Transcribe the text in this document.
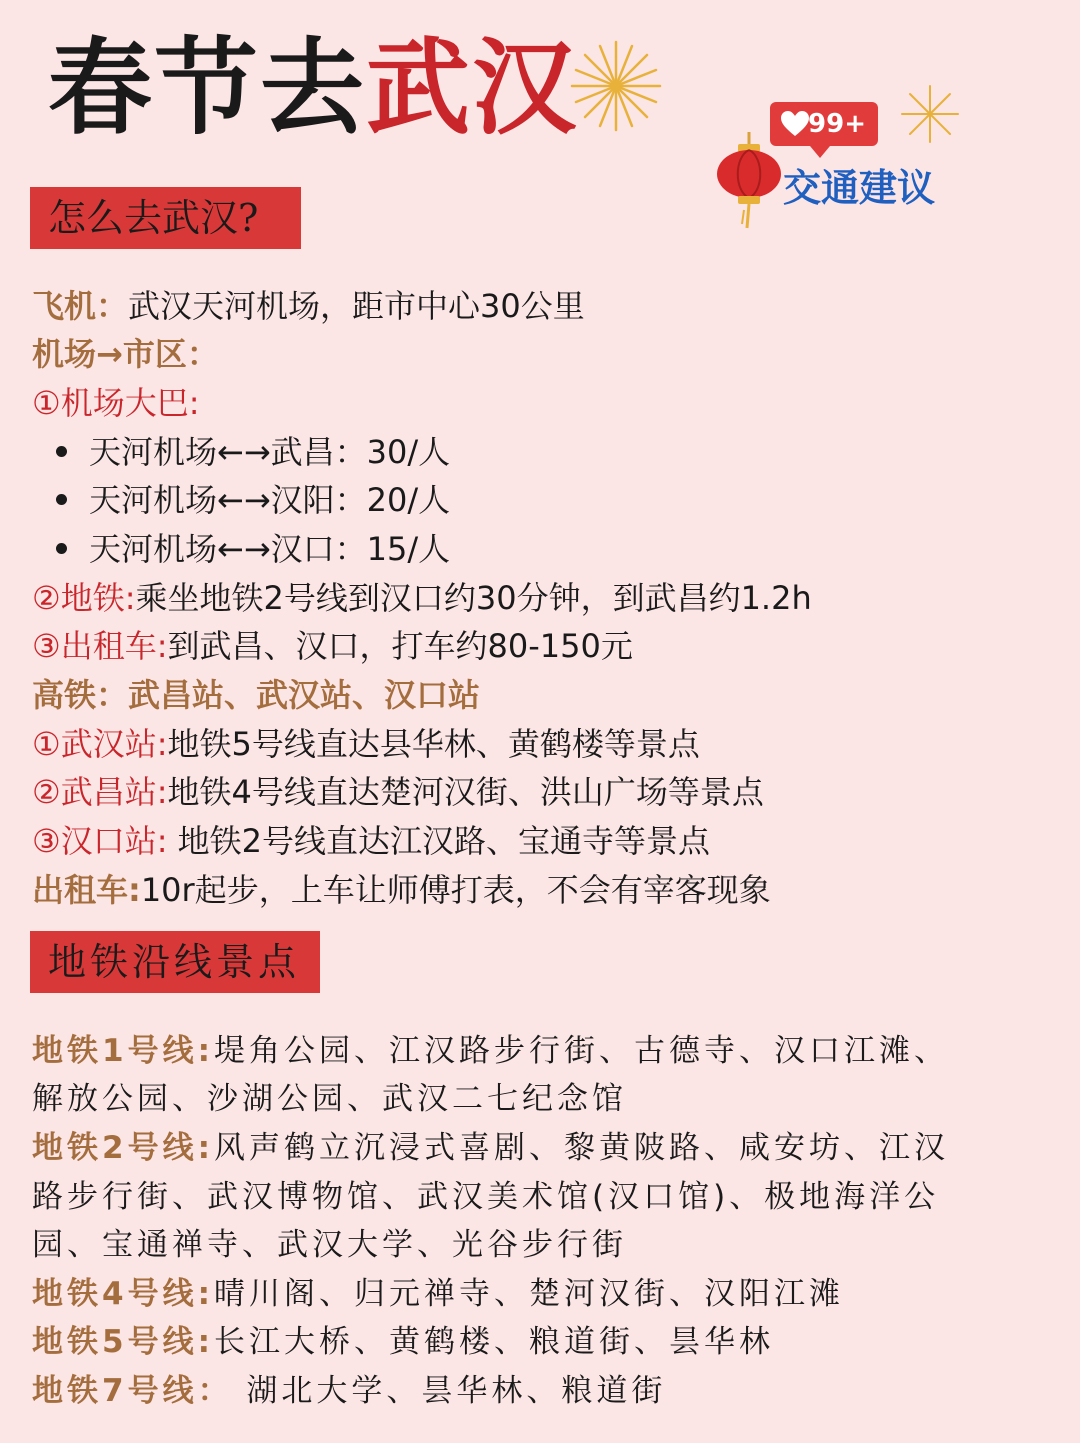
春节去武汉	99+

交通建议

怎么去武汉?

飞机：武汉天河机场，距市中心30公里

机场→市区：

①机场大巴:

天河机场←→武昌：30/人

天河机场←→汉阳：20/人

天河机场←→汉口：15/人

②地铁:乘坐地铁2号线到汉口约30分钟，到武昌约1.2h

③出租车:到武昌、汉口，打车约80-150元

高铁：武昌站、武汉站、汉口站

①武汉站:地铁5号线直达县华林、黄鹤楼等景点

②武昌站:地铁4号线直达楚河汉街、洪山广场等景点

③汉口站: 地铁2号线直达江汉路、宝通寺等景点

出租车:10r起步，上车让师傅打表，不会有宰客现象

地铁沿线景点

地铁1号线:堤角公园、江汉路步行街、古德寺、汉口江滩、

解放公园、沙湖公园、武汉二七纪念馆

地铁2号线:风声鹤立沉浸式喜剧、黎黄陂路、咸安坊、江汉

路步行街、武汉博物馆、武汉美术馆(汉口馆)、极地海洋公

园、宝通禅寺、武汉大学、光谷步行街

地铁4号线:晴川阁、归元禅寺、楚河汉街、汉阳江滩

地铁5号线:长江大桥、黄鹤楼、粮道街、昙华林

地铁7号线： 湖北大学、昙华林、粮道街
